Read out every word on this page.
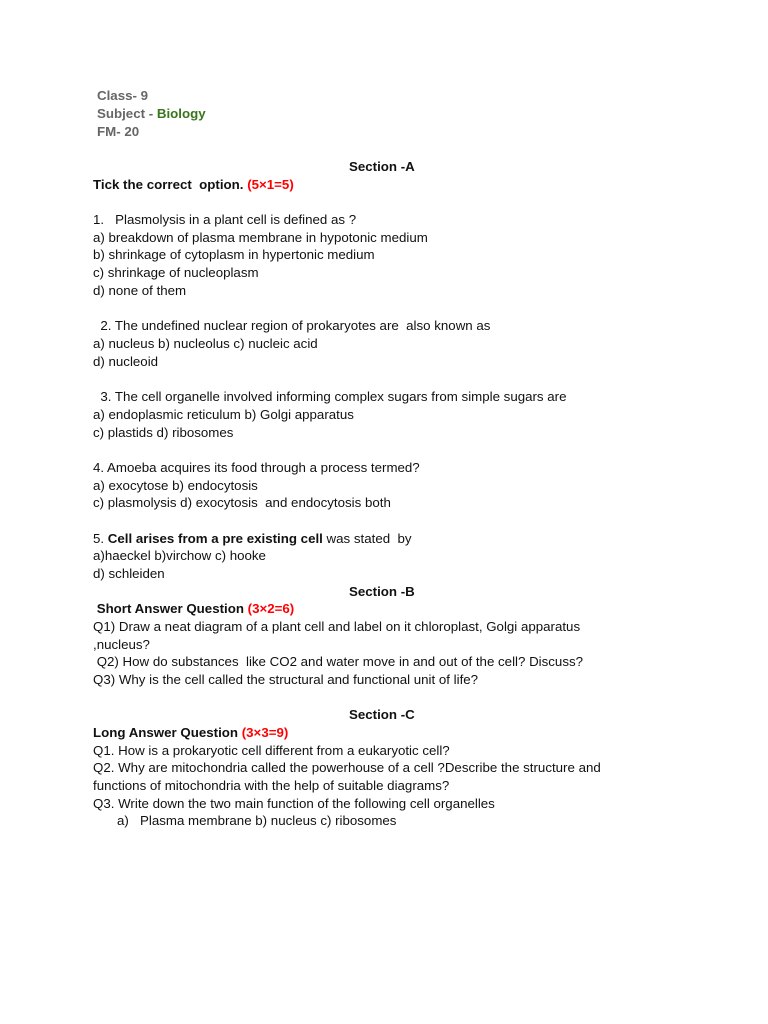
Class- 9
Subject - Biology
FM- 20
Section -A
Tick the correct  option. (5×1=5)
1.   Plasmolysis in a plant cell is defined as ?
a) breakdown of plasma membrane in hypotonic medium
b) shrinkage of cytoplasm in hypertonic medium
c) shrinkage of nucleoplasm
d) none of them
2. The undefined nuclear region of prokaryotes are  also known as
a) nucleus b) nucleolus c) nucleic acid
d) nucleoid
3. The cell organelle involved informing complex sugars from simple sugars are
a) endoplasmic reticulum b) Golgi apparatus
c) plastids d) ribosomes
4. Amoeba acquires its food through a process termed?
a) exocytose b) endocytosis
c) plasmolysis d) exocytosis  and endocytosis both
5. Cell arises from a pre existing cell was stated  by
a)haeckel b)virchow c) hooke
d) schleiden
Section -B
Short Answer Question (3×2=6)
Q1) Draw a neat diagram of a plant cell and label on it chloroplast, Golgi apparatus
,nucleus?
Q2) How do substances  like CO2 and water move in and out of the cell? Discuss?
Q3) Why is the cell called the structural and functional unit of life?
Section -C
Long Answer Question (3×3=9)
Q1. How is a prokaryotic cell different from a eukaryotic cell?
Q2. Why are mitochondria called the powerhouse of a cell ?Describe the structure and
functions of mitochondria with the help of suitable diagrams?
Q3. Write down the two main function of the following cell organelles
a) Plasma membrane b) nucleus c) ribosomes
